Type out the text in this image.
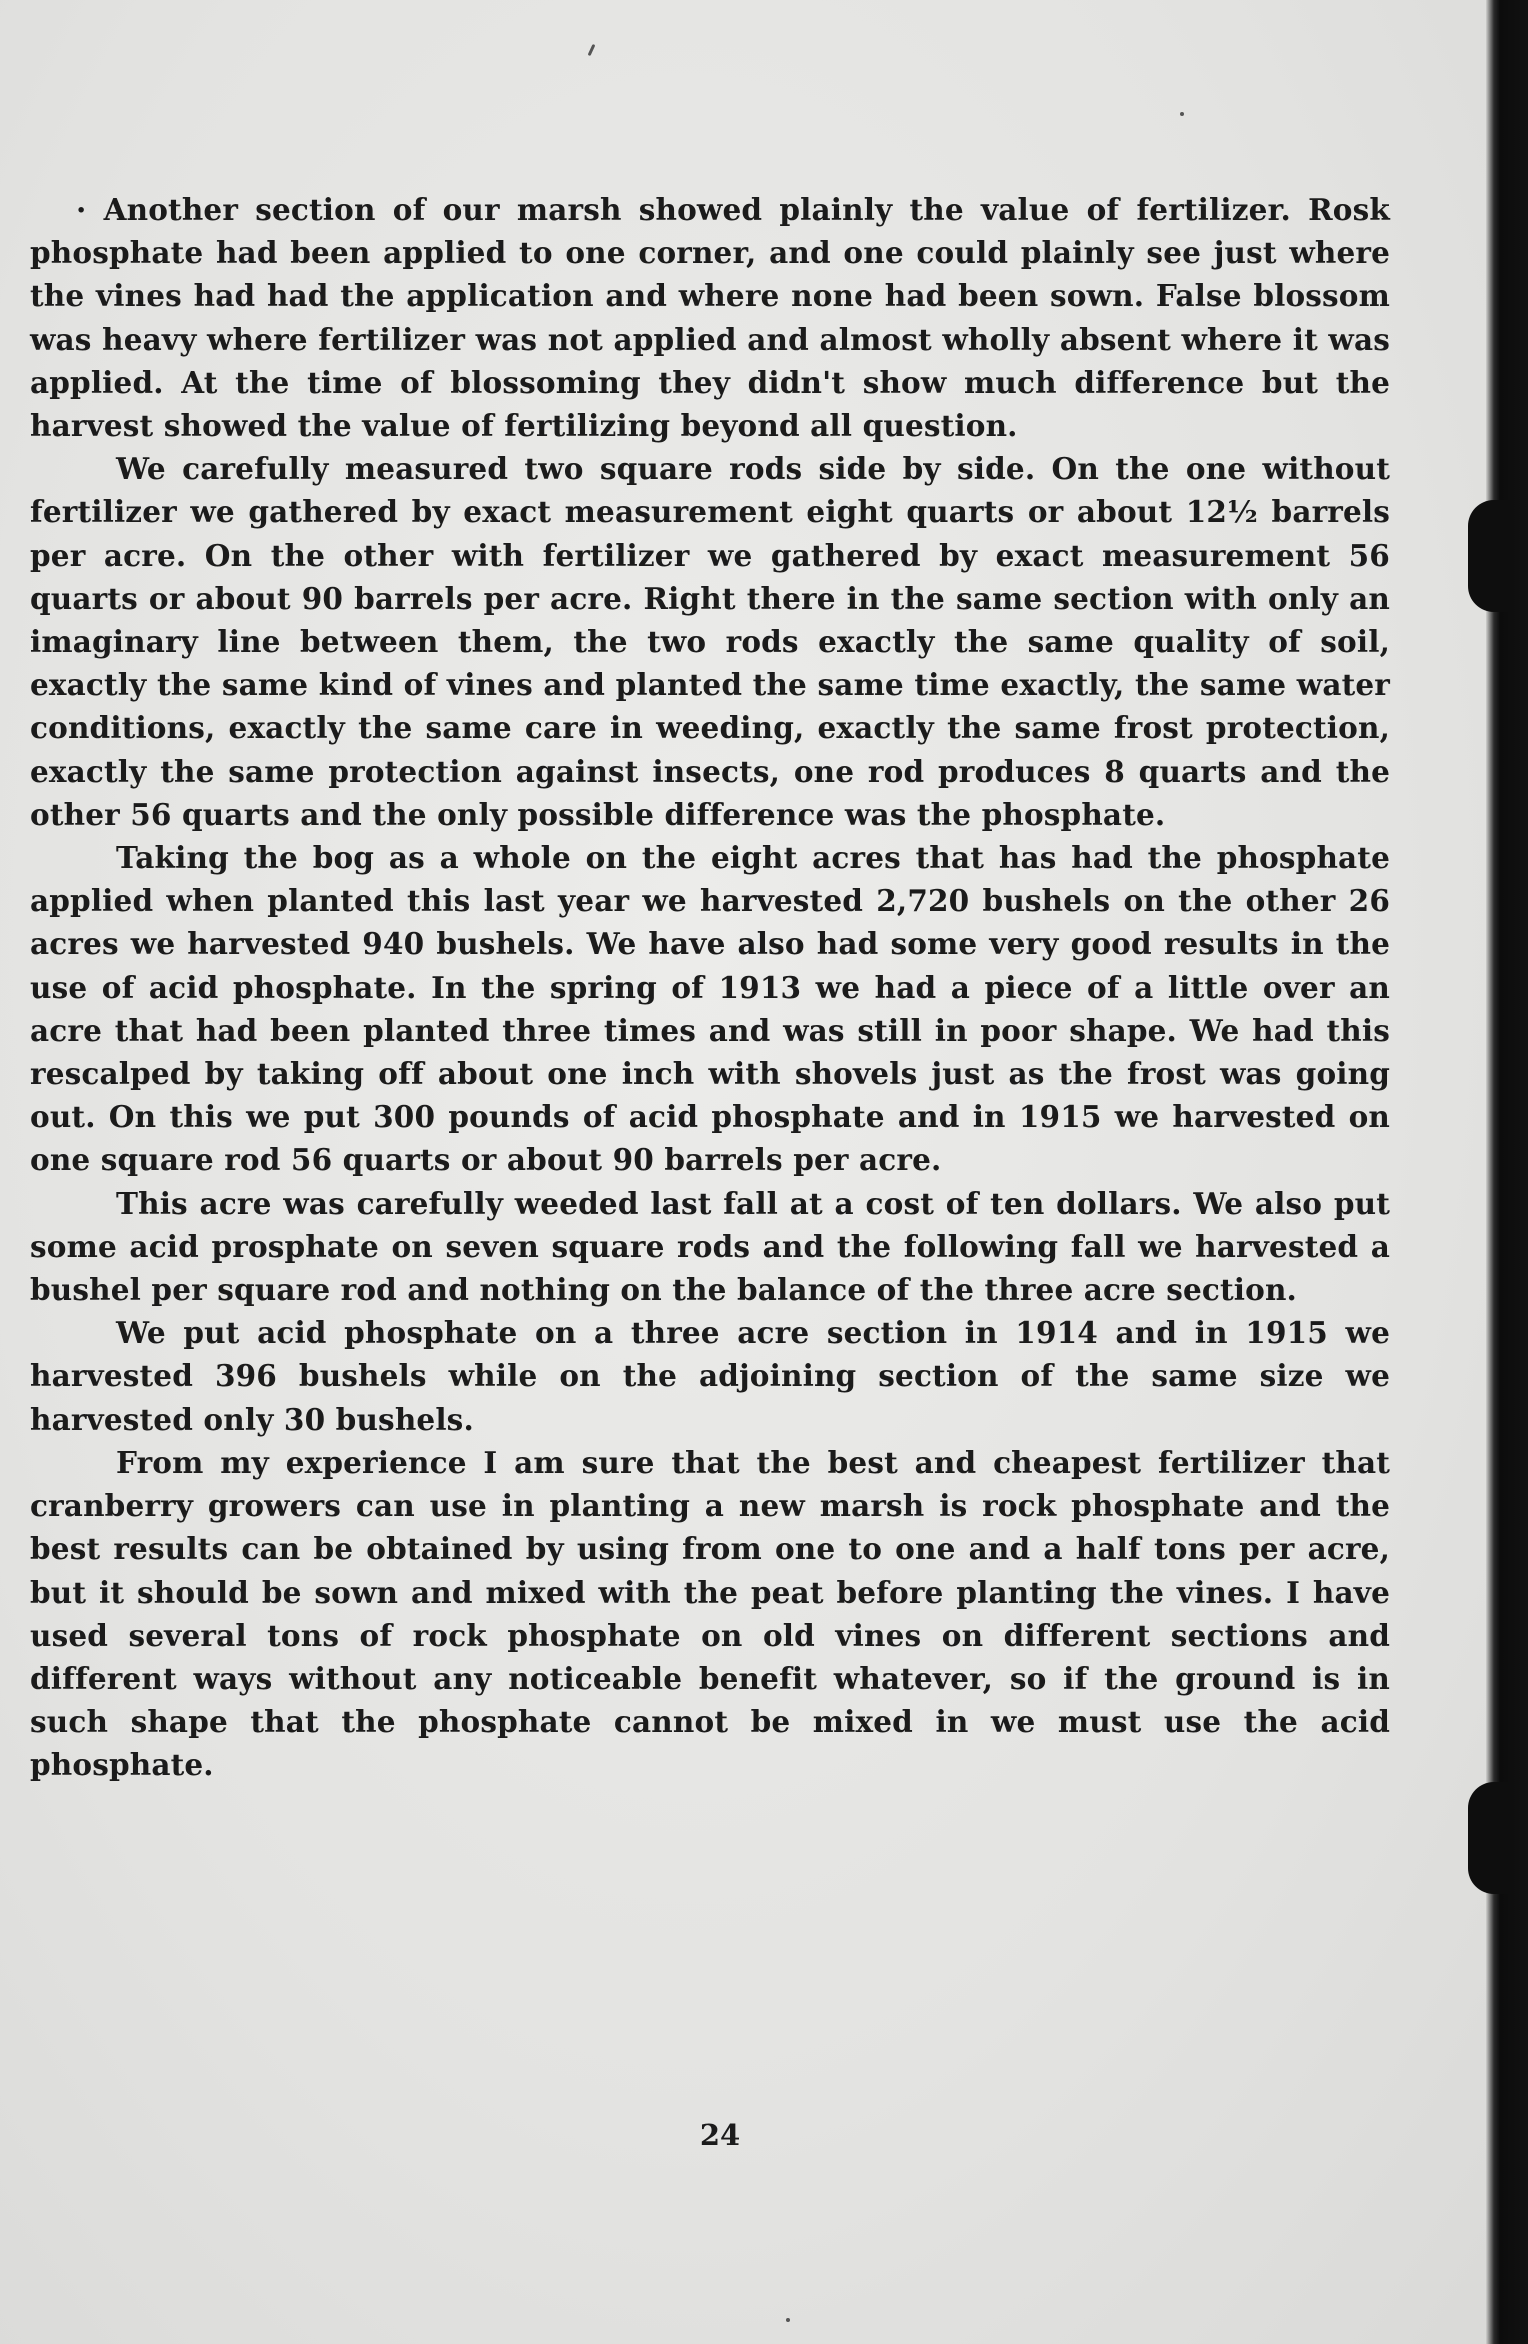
· Another section of our marsh showed plainly the value of fertilizer. Rosk phosphate had been applied to one corner, and one could plainly see just where the vines had had the application and where none had been sown. False blossom was heavy where fertilizer was not applied and almost wholly absent where it was applied. At the time of blossoming they didn't show much difference but the harvest showed the value of fertilizing beyond all question.

We carefully measured two square rods side by side. On the one without fertilizer we gathered by exact measurement eight quarts or about 12½ barrels per acre. On the other with fertilizer we gathered by exact measurement 56 quarts or about 90 barrels per acre. Right there in the same section with only an imaginary line between them, the two rods exactly the same quality of soil, exactly the same kind of vines and planted the same time exactly, the same water conditions, exactly the same care in weeding, exactly the same frost protection, exactly the same protection against insects, one rod produces 8 quarts and the other 56 quarts and the only possible difference was the phosphate.

Taking the bog as a whole on the eight acres that has had the phosphate applied when planted this last year we harvested 2,720 bushels on the other 26 acres we harvested 940 bushels. We have also had some very good results in the use of acid phosphate. In the spring of 1913 we had a piece of a little over an acre that had been planted three times and was still in poor shape. We had this rescalped by taking off about one inch with shovels just as the frost was going out. On this we put 300 pounds of acid phosphate and in 1915 we harvested on one square rod 56 quarts or about 90 barrels per acre.

This acre was carefully weeded last fall at a cost of ten dollars. We also put some acid prosphate on seven square rods and the following fall we harvested a bushel per square rod and nothing on the balance of the three acre section.

We put acid phosphate on a three acre section in 1914 and in 1915 we harvested 396 bushels while on the adjoining section of the same size we harvested only 30 bushels.

From my experience I am sure that the best and cheapest fertilizer that cranberry growers can use in planting a new marsh is rock phosphate and the best results can be obtained by using from one to one and a half tons per acre, but it should be sown and mixed with the peat before planting the vines. I have used several tons of rock phosphate on old vines on different sections and different ways without any noticeable benefit whatever, so if the ground is in such shape that the phosphate cannot be mixed in we must use the acid phosphate.

24
